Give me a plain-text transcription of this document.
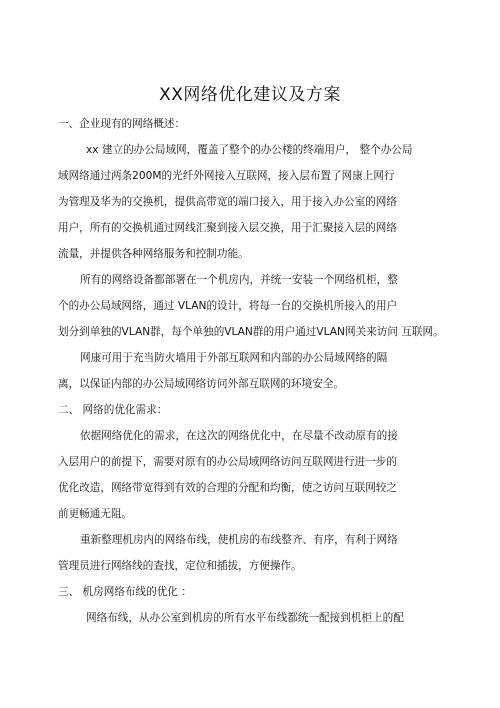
XX网络优化建议及方案
一、企业现有的网络概述：
xx 建立的办公局域网，覆盖了整个的办公楼的终端用户， 整个办公局
域网络通过两条200M的光纤外网接入互联网，接入层布置了网康上网行
为管理及华为的交换机，提供高带宽的端口接入，用于接入办公室的网络
用户，所有的交换机通过网线汇聚到接入层交换，用于汇聚接入层的网络
流量，并提供各种网络服务和控制功能。
所有的网络设备都部署在一个机房内，并统一安装一个网络机柜，整
个的办公局域网络，通过 VLAN的设计，将每一台的交换机所接入的用户
划分到单独的VLAN群，每个单独的VLAN群的用户通过VLAN网关来访问 互联网。
网康可用于充当防火墙用于外部互联网和内部的办公局域网络的隔
离，以保证内部的办公局域网络访问外部互联网的环境安全。
二、 网络的优化需求：
依据网络优化的需求，在这次的网络优化中，在尽量不改动原有的接
入层用户的前提下，需要对原有的办公局域网络访问互联网进行进一步的
优化改造，网络带宽得到有效的合理的分配和均衡，使之访问互联网较之
前更畅通无阻。
重新整理机房内的网络布线，使机房的布线整齐、有序，有利于网络
管理员进行网络线的查找，定位和插拔，方便操作。
三、 机房网络布线的优化 ：
网络布线，从办公室到机房的所有水平布线都统一配接到机柜上的配
